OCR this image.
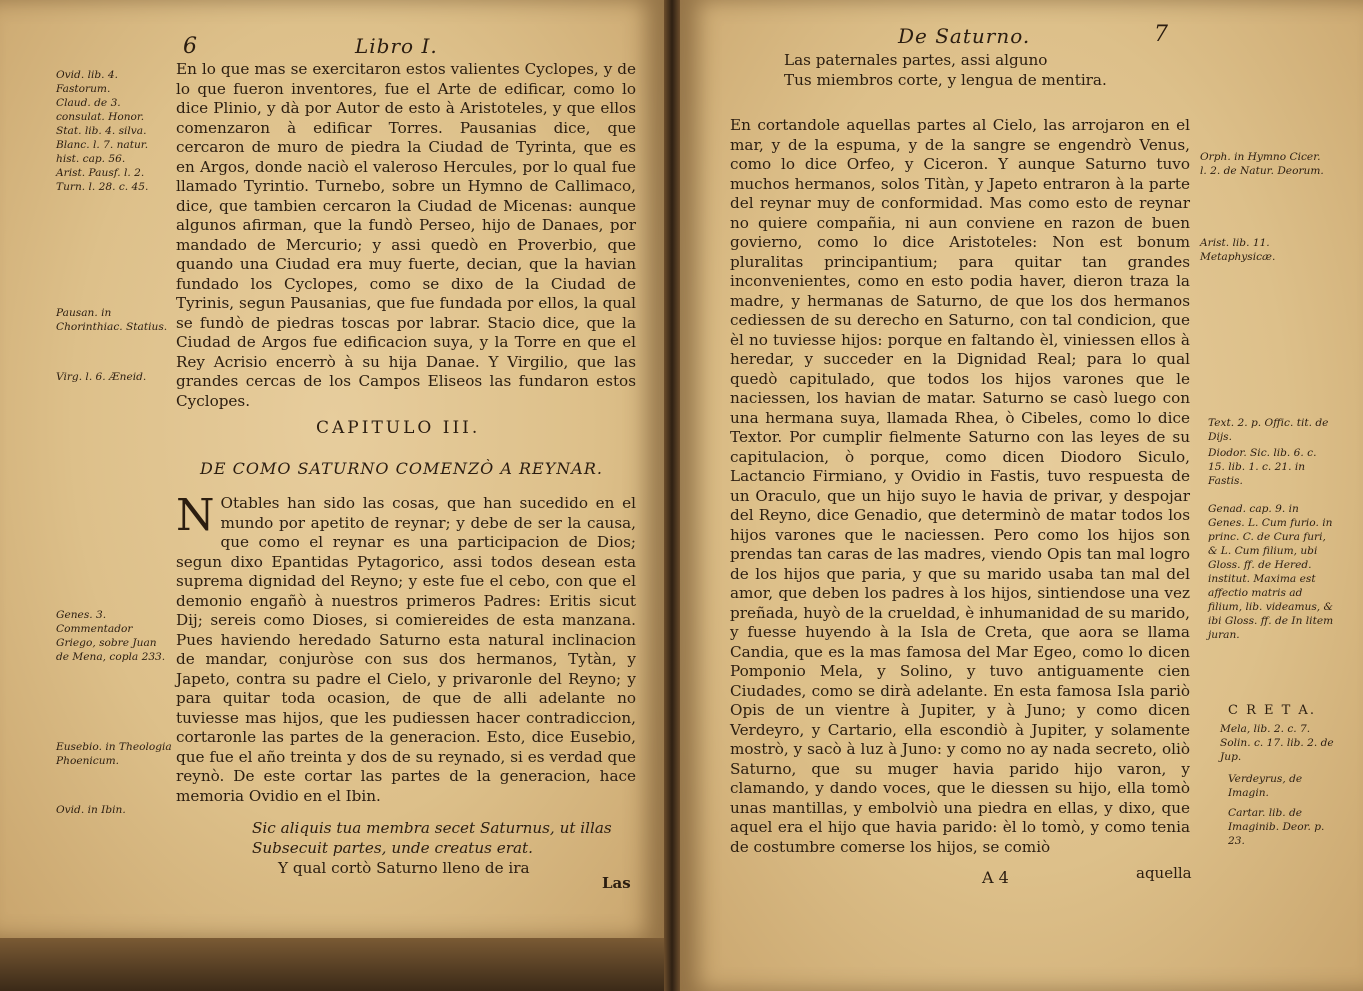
6	Libro I.
Ovid. lib. 4. Fastorum.
Claud. de 3. consulat. Honor.
Stat. lib. 4. silva.
Blanc. l. 7. natur. hist. cap. 56.
Arist. Pausf. l. 2.
Turn. l. 28. c. 45.
Pausan. in Chorinthiac. Statius.
Virg. l. 6. Æneid.
Genes. 3. Commentador Griego, sobre Juan de Mena, copla 233.
Eusebio. in Theologia Phoenicum.
Ovid. in Ibin.

En lo que mas se exercitaron estos valientes Cyclopes, y de lo que fueron inventores, fue el Arte de edificar, como lo dice Plinio, y dà por Autor de esto à Aristoteles, y que ellos comenzaron à edificar Torres. Pausanias dice, que cercaron de muro de piedra la Ciudad de Tyrinta, que es en Argos, donde naciò el valeroso Hercules, por lo qual fue llamado Tyrintio. Turnebo, sobre un Hymno de Callimaco, dice, que tambien cercaron la Ciudad de Micenas: aunque algunos afirman, que la fundò Perseo, hijo de Danaes, por mandado de Mercurio; y assi quedò en Proverbio, que quando una Ciudad era muy fuerte, decian, que la havian fundado los Cyclopes, como se dixo de la Ciudad de Tyrinis, segun Pausanias, que fue fundada por ellos, la qual se fundò de piedras toscas por labrar. Stacio dice, que la Ciudad de Argos fue edificacion suya, y la Torre en que el Rey Acrisio encerrò à su hija Danae. Y Virgilio, que las grandes cercas de los Campos Eliseos las fundaron estos Cyclopes.

CAPITULO III.
DE COMO SATURNO COMENZÒ A REYNAR.
N Otables han sido las cosas, que han sucedido en el mundo por apetito de reynar; y debe de ser la causa, que como el reynar es una participacion de Dios; segun dixo Epantidas Pytagorico, assi todos desean esta suprema dignidad del Reyno; y este fue el cebo, con que el demonio engañò à nuestros primeros Padres: Eritis sicut Dij; sereis como Dioses, si comiereides de esta manzana. Pues haviendo heredado Saturno esta natural inclinacion de mandar, conjuròse con sus dos hermanos, Tytàn, y Japeto, contra su padre el Cielo, y privaronle del Reyno; y para quitar toda ocasion, de que de alli adelante no tuviesse mas hijos, que les pudiessen hacer contradiccion, cortaronle las partes de la generacion. Esto, dice Eusebio, que fue el año treinta y dos de su reynado, si es verdad que reynò. De este cortar las partes de la generacion, hace memoria Ovidio en el Ibin.

Sic aliquis tua membra secet Saturnus, ut illas
Subsecuit partes, unde creatus erat.
Y qual cortò Saturno lleno de ira
Las
De Saturno.	7
Las paternales partes, assi alguno
Tus miembros corte, y lengua de mentira.

En cortandole aquellas partes al Cielo, las arrojaron en el mar, y de la espuma, y de la sangre se engendrò Venus, como lo dice Orfeo, y Ciceron. Y aunque Saturno tuvo muchos hermanos, solos Titàn, y Japeto entraron à la parte del reynar muy de conformidad. Mas como esto de reynar no quiere compañia, ni aun conviene en razon de buen govierno, como lo dice Aristoteles: Non est bonum pluralitas principantium; para quitar tan grandes inconvenientes, como en esto podia haver, dieron traza la madre, y hermanas de Saturno, de que los dos hermanos cediessen de su derecho en Saturno, con tal condicion, que èl no tuviesse hijos: porque en faltando èl, viniessen ellos à heredar, y succeder en la Dignidad Real; para lo qual quedò capitulado, que todos los hijos varones que le naciessen, los havian de matar. Saturno se casò luego con una hermana suya, llamada Rhea, ò Cibeles, como lo dice Textor. Por cumplir fielmente Saturno con las leyes de su capitulacion, ò porque, como dicen Diodoro Siculo, Lactancio Firmiano, y Ovidio in Fastis, tuvo respuesta de un Oraculo, que un hijo suyo le havia de privar, y despojar del Reyno, dice Genadio, que determinò de matar todos los hijos varones que le naciessen. Pero como los hijos son prendas tan caras de las madres, viendo Opis tan mal logro de los hijos que paria, y que su marido usaba tan mal del amor, que deben los padres à los hijos, sintiendose una vez preñada, huyò de la crueldad, è inhumanidad de su marido, y fuesse huyendo à la Isla de Creta, que aora se llama Candia, que es la mas famosa del Mar Egeo, como lo dicen Pomponio Mela, y Solino, y tuvo antiguamente cien Ciudades, como se dirà adelante. En esta famosa Isla pariò Opis de un vientre à Jupiter, y à Juno; y como dicen Verdeyro, y Cartario, ella escondiò à Jupiter, y solamente mostrò, y sacò à luz à Juno: y como no ay nada secreto, oliò Saturno, que su muger havia parido hijo varon, y clamando, y dando voces, que le diessen su hijo, ella tomò unas mantillas, y embolviò una piedra en ellas, y dixo, que aquel era el hijo que havia parido: èl lo tomò, y como tenia de costumbre comerse los hijos, se comiò

Orph. in Hymno Cicer. l. 2. de Natur. Deorum.
Arist. lib. 11. Metaphysicæ.
Text. 2. p. Offic. tit. de Dijs.
Diodor. Sic. lib. 6. c. 15. lib. 1. c. 21. in Fastis.
Genad. cap. 9. in Genes. L. Cum furio. in princ. C. de Cura furi, & L. Cum filium, ubi Gloss. ff. de Hered. institut. Maxima est affectio matris ad filium, lib. videamus, & ibi Gloss. ff. de In litem juran.
C R E T A.
Mela, lib. 2. c. 7. Solin. c. 17. lib. 2. de Jup.
Verdeyrus, de Imagin.
Cartar. lib. de Imaginib. Deor. p. 23.
A 4	aquella
